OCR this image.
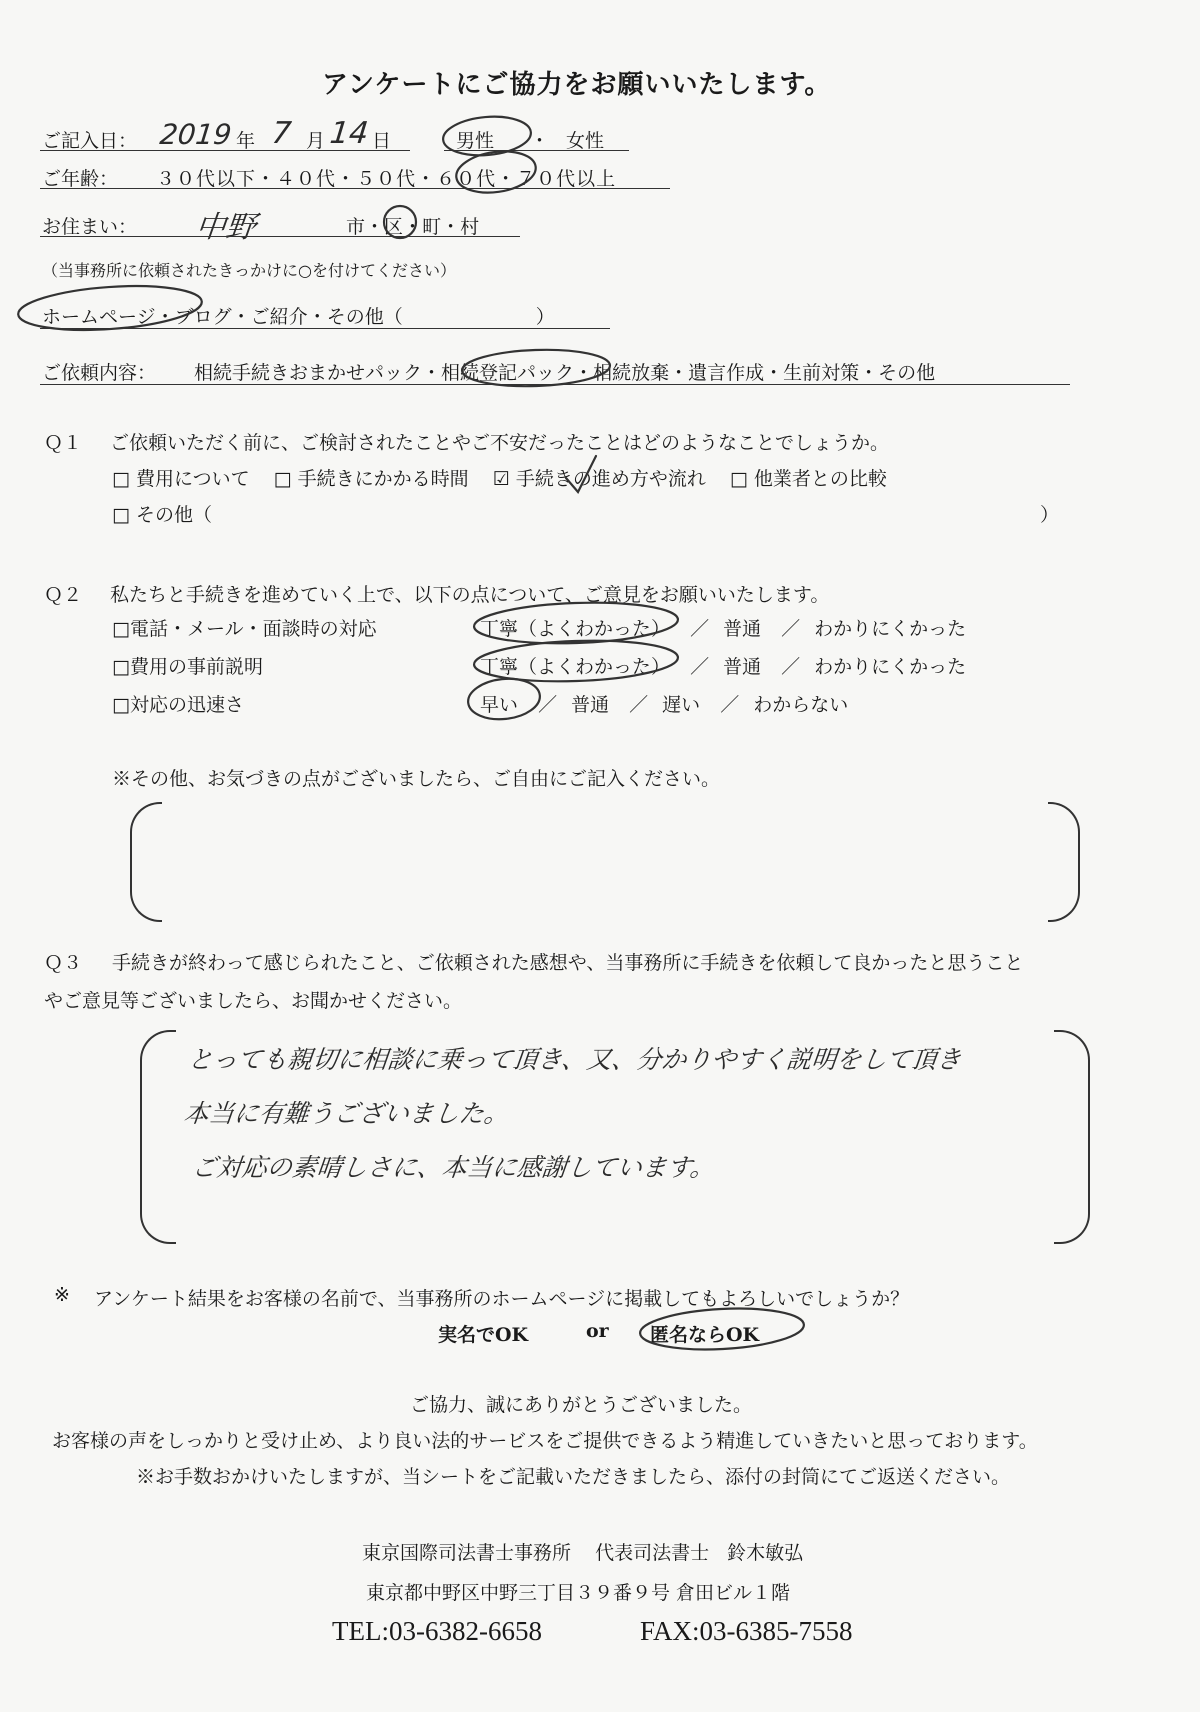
アンケートにご協力をお願いいたします。
ご記入日： 2019 年 7 月 14 日	男性 ・ 女性
ご年齢： ３０代以下・４０代・５０代・６０代・７０代以上
お住まい： 中野	市・区・町・村
（当事務所に依頼されたきっかけに○を付けてください）
ホームページ・ブログ・ご紹介・その他（　　　　　　　）
ご依頼内容： 相続手続きおまかせパック・相続登記パック・相続放棄・遺言作成・生前対策・その他
Ｑ１ ご依頼いただく前に、ご検討されたことやご不安だったことはどのようなことでしょうか。
□ 費用について □ 手続きにかかる時間 ☑ 手続きの進め方や流れ □ 他業者との比較
□ その他（	）
Ｑ２ 私たちと手続きを進めていく上で、以下の点について、ご意見をお願いいたします。
□電話・メール・面談時の対応	丁寧（よくわかった） ／ 普通 ／ わかりにくかった
□費用の事前説明	丁寧（よくわかった） ／ 普通 ／ わかりにくかった
□対応の迅速さ	早い ／ 普通 ／ 遅い ／ わからない
※その他、お気づきの点がございましたら、ご自由にご記入ください。
Ｑ３ 手続きが終わって感じられたこと、ご依頼された感想や、当事務所に手続きを依頼して良かったと思うこと
やご意見等ございましたら、お聞かせください。
とっても親切に相談に乗って頂き、又、分かりやすく説明をして頂き
本当に有難うございました。
ご対応の素晴しさに、本当に感謝しています。
※ アンケート結果をお客様の名前で、当事務所のホームページに掲載してもよろしいでしょうか？
実名でOK	or 匿名ならOK
ご協力、誠にありがとうございました。
お客様の声をしっかりと受け止め、より良い法的サービスをご提供できるよう精進していきたいと思っております。
※お手数おかけいたしますが、当シートをご記載いただきましたら、添付の封筒にてご返送ください。
東京国際司法書士事務所 代表司法書士 鈴木敏弘
東京都中野区中野三丁目３９番９号 倉田ビル１階
TEL:03-6382-6658	FAX:03-6385-7558
